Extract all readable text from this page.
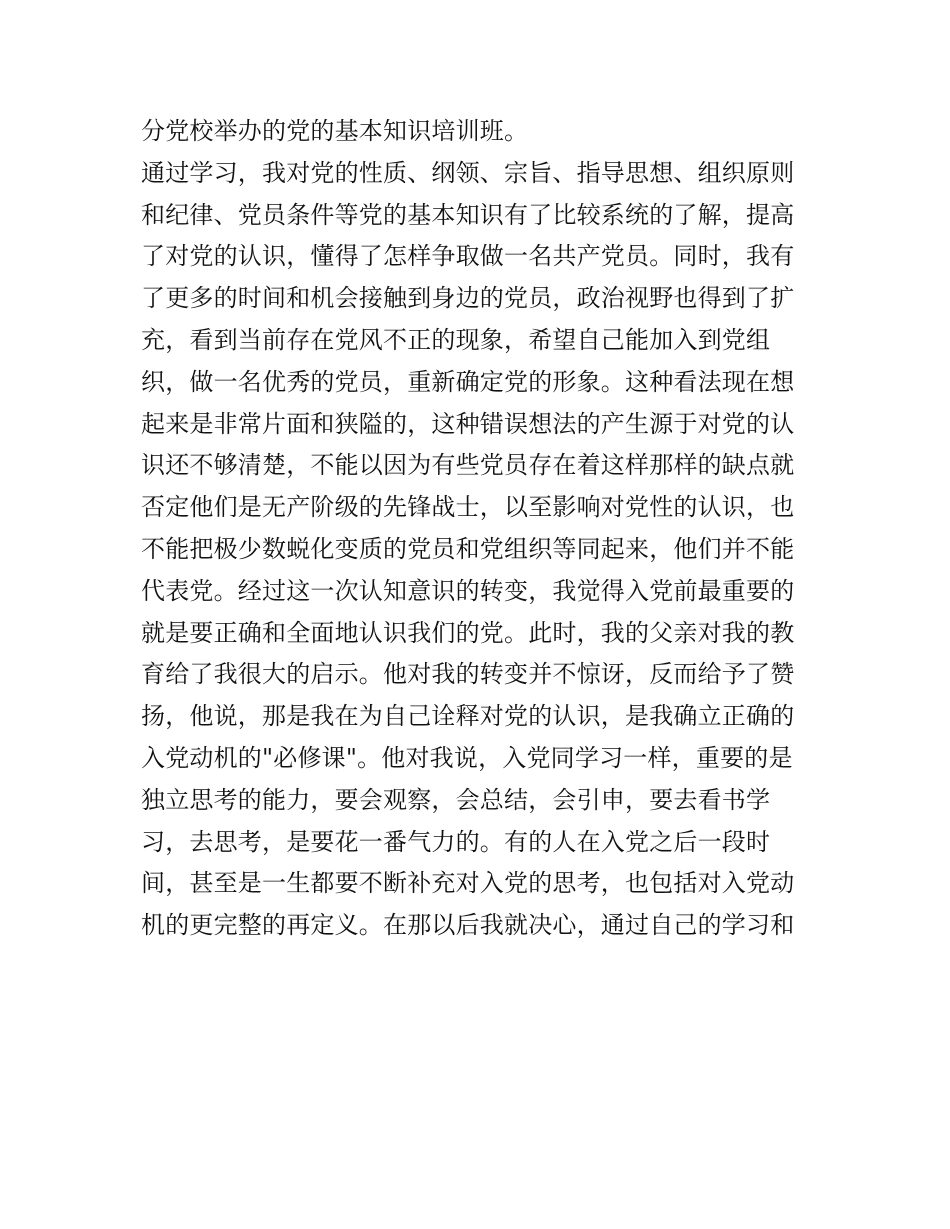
分党校举办的党的基本知识培训班。
通过学习，我对党的性质、纲领、宗旨、指导思想、组织原则
和纪律、党员条件等党的基本知识有了比较系统的了解，提高
了对党的认识，懂得了怎样争取做一名共产党员。同时，我有
了更多的时间和机会接触到身边的党员，政治视野也得到了扩
充，看到当前存在党风不正的现象，希望自己能加入到党组
织，做一名优秀的党员，重新确定党的形象。这种看法现在想
起来是非常片面和狭隘的，这种错误想法的产生源于对党的认
识还不够清楚，不能以因为有些党员存在着这样那样的缺点就
否定他们是无产阶级的先锋战士，以至影响对党性的认识，也
不能把极少数蜕化变质的党员和党组织等同起来，他们并不能
代表党。经过这一次认知意识的转变，我觉得入党前最重要的
就是要正确和全面地认识我们的党。此时，我的父亲对我的教
育给了我很大的启示。他对我的转变并不惊讶，反而给予了赞
扬，他说，那是我在为自己诠释对党的认识，是我确立正确的
入党动机的"必修课"。他对我说，入党同学习一样，重要的是
独立思考的能力，要会观察，会总结，会引申，要去看书学
习，去思考，是要花一番气力的。有的人在入党之后一段时
间，甚至是一生都要不断补充对入党的思考，也包括对入党动
机的更完整的再定义。在那以后我就决心，通过自己的学习和
